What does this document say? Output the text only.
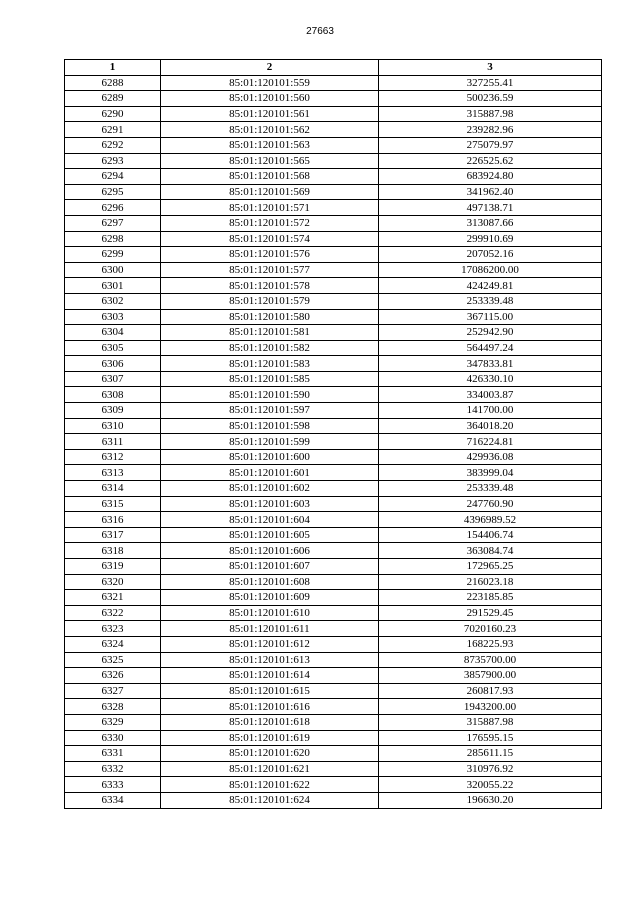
27663
1	2	3
6288	85:01:120101:559	327255.41
6289	85:01:120101:560	500236.59
6290	85:01:120101:561	315887.98
6291	85:01:120101:562	239282.96
6292	85:01:120101:563	275079.97
6293	85:01:120101:565	226525.62
6294	85:01:120101:568	683924.80
6295	85:01:120101:569	341962.40
6296	85:01:120101:571	497138.71
6297	85:01:120101:572	313087.66
6298	85:01:120101:574	299910.69
6299	85:01:120101:576	207052.16
6300	85:01:120101:577	17086200.00
6301	85:01:120101:578	424249.81
6302	85:01:120101:579	253339.48
6303	85:01:120101:580	367115.00
6304	85:01:120101:581	252942.90
6305	85:01:120101:582	564497.24
6306	85:01:120101:583	347833.81
6307	85:01:120101:585	426330.10
6308	85:01:120101:590	334003.87
6309	85:01:120101:597	141700.00
6310	85:01:120101:598	364018.20
6311	85:01:120101:599	716224.81
6312	85:01:120101:600	429936.08
6313	85:01:120101:601	383999.04
6314	85:01:120101:602	253339.48
6315	85:01:120101:603	247760.90
6316	85:01:120101:604	4396989.52
6317	85:01:120101:605	154406.74
6318	85:01:120101:606	363084.74
6319	85:01:120101:607	172965.25
6320	85:01:120101:608	216023.18
6321	85:01:120101:609	223185.85
6322	85:01:120101:610	291529.45
6323	85:01:120101:611	7020160.23
6324	85:01:120101:612	168225.93
6325	85:01:120101:613	8735700.00
6326	85:01:120101:614	3857900.00
6327	85:01:120101:615	260817.93
6328	85:01:120101:616	1943200.00
6329	85:01:120101:618	315887.98
6330	85:01:120101:619	176595.15
6331	85:01:120101:620	285611.15
6332	85:01:120101:621	310976.92
6333	85:01:120101:622	320055.22
6334	85:01:120101:624	196630.20
